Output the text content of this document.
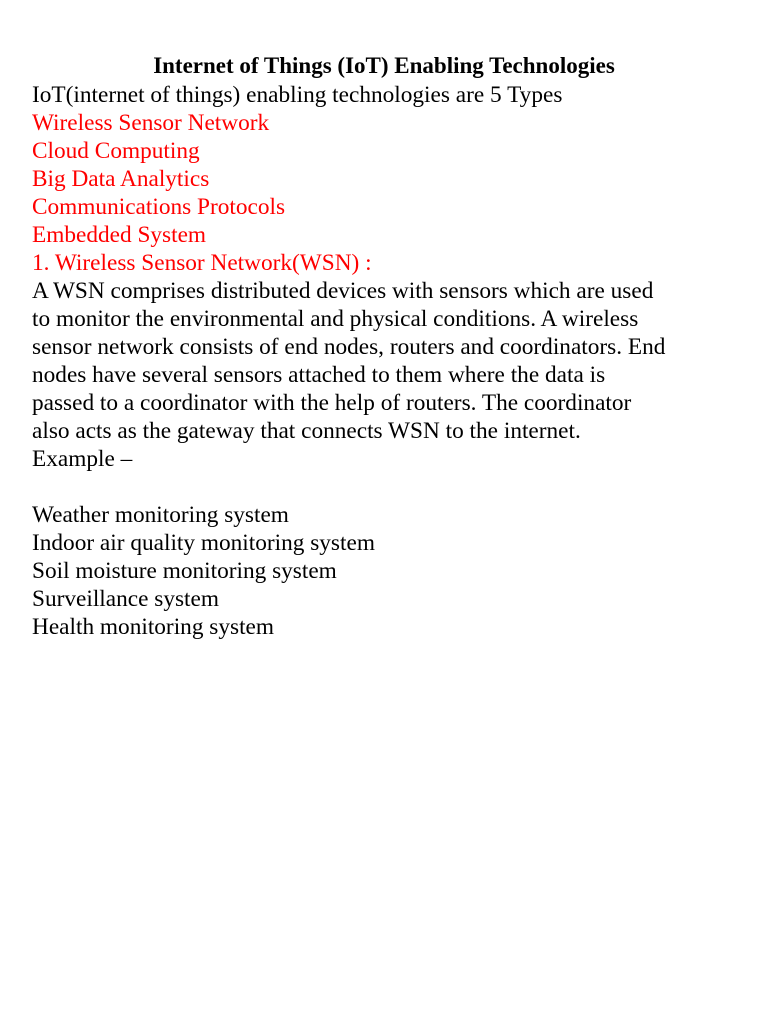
Internet of Things (IoT) Enabling Technologies
IoT(internet of things) enabling technologies are 5 Types
Wireless Sensor Network
Cloud Computing
Big Data Analytics
Communications Protocols
Embedded System
1. Wireless Sensor Network(WSN) :
A WSN comprises distributed devices with sensors which are used
to monitor the environmental and physical conditions. A wireless
sensor network consists of end nodes, routers and coordinators. End
nodes have several sensors attached to them where the data is
passed to a coordinator with the help of routers. The coordinator
also acts as the gateway that connects WSN to the internet.
Example –
Weather monitoring system
Indoor air quality monitoring system
Soil moisture monitoring system
Surveillance system
Health monitoring system
